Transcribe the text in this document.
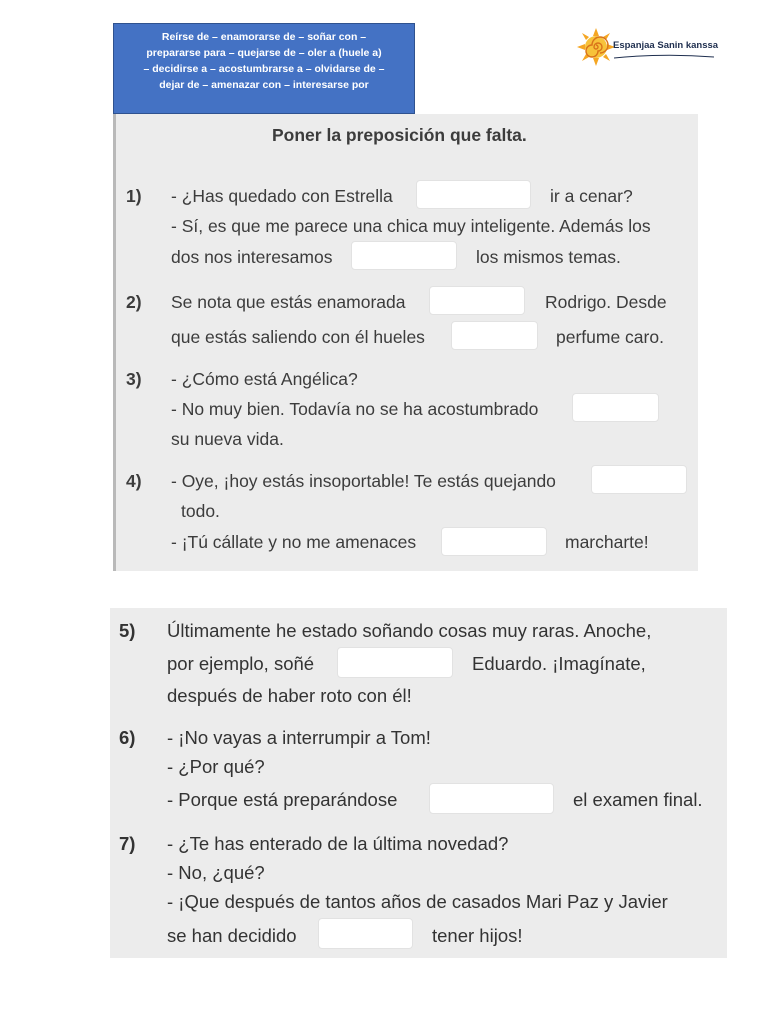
Reírse de – enamorarse de – soñar con –
prepararse para – quejarse de – oler a (huele a)
– decidirse a – acostumbrarse a – olvidarse de –
dejar de – amenazar con – interesarse por
Espanjaa Sanin kanssa
Poner la preposición que falta.
1) - ¿Has quedado con Estrella	ir a cenar?
- Sí, es que me parece una chica muy inteligente. Además los
dos nos interesamos	los mismos temas.
2) Se nota que estás enamorada	Rodrigo. Desde
que estás saliendo con él hueles	perfume caro.
3) - ¿Cómo está Angélica?
- No muy bien. Todavía no se ha acostumbrado
su nueva vida.
4) - Oye, ¡hoy estás insoportable! Te estás quejando
todo.
- ¡Tú cállate y no me amenaces	marcharte!
5) Últimamente he estado soñando cosas muy raras. Anoche,
por ejemplo, soñé	Eduardo. ¡Imagínate,
después de haber roto con él!
6) - ¡No vayas a interrumpir a Tom!
- ¿Por qué?
- Porque está preparándose	el examen final.
7) - ¿Te has enterado de la última novedad?
- No, ¿qué?
- ¡Que después de tantos años de casados Mari Paz y Javier
se han decidido	tener hijos!
